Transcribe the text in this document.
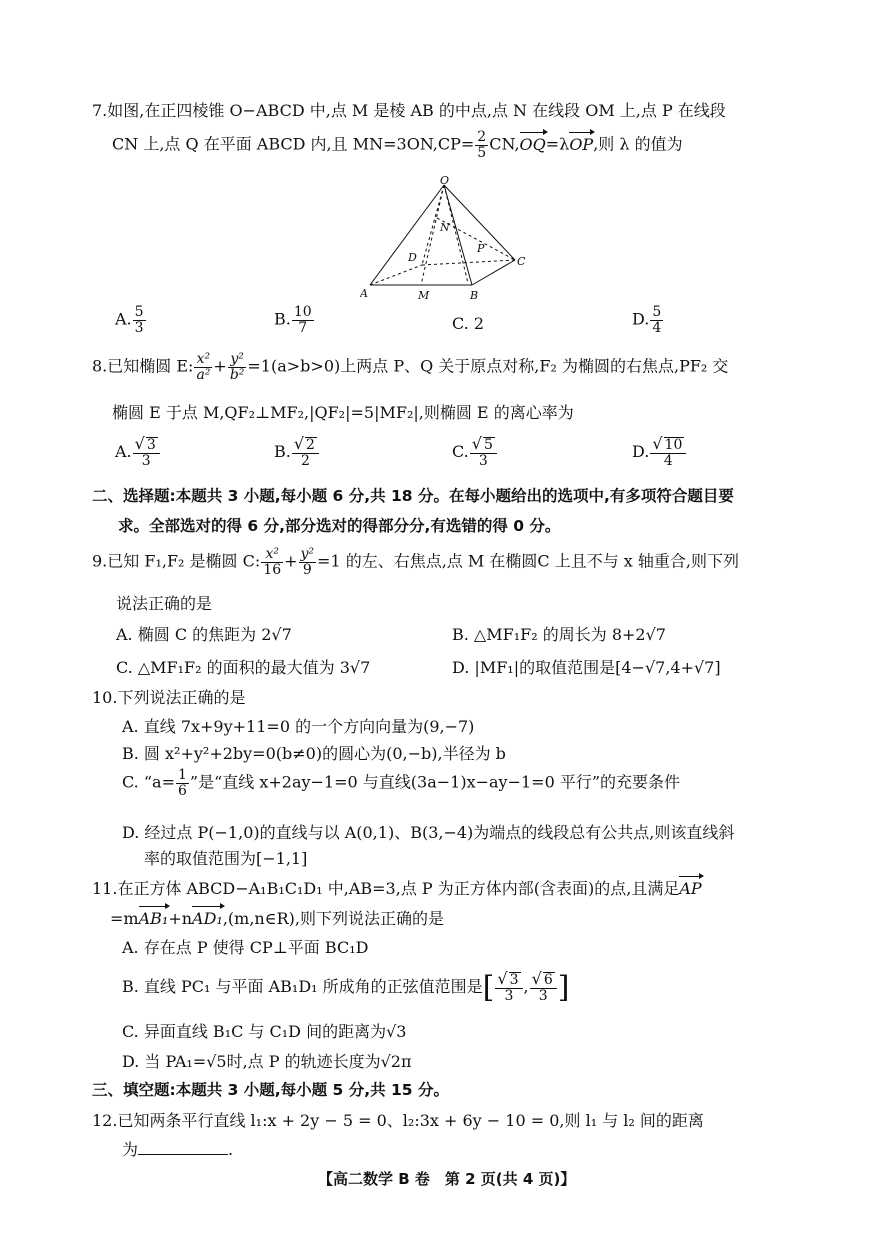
7.如图,在正四棱锥 O−ABCD 中,点 M 是棱 AB 的中点,点 N 在线段 OM 上,点 P 在线段
CN 上,点 Q 在平面 ABCD 内,且 $MN=3ON,CP= \frac{2}{5} CN,OQ=\lambda OP$,则 λ 的值为
O
A	M	B
C
D
N
P
A. $\frac{5}{3}$	B. $\frac{10}{7}$	C. 2	D. $\frac{5}{4}$
8.已知椭圆 E: $\frac{\text{x²}}{\text{a²}} + \frac{\text{y²}}{\text{b²}} =1(a>b>0)$上两点 P、Q 关于原点对称,F₂ 为椭圆的右焦点,PF₂ 交
椭圆 E 于点 M,QF₂⊥MF₂,|QF₂|=5|MF₂|,则椭圆 E 的离心率为
A. $\frac{√ 3}{3}$	B. $\frac{√ 2}{2}$	C. $\frac{√ 5}{3}$	D. $\frac{√ 10}{4}$
二、选择题:本题共 3 小题,每小题 6 分,共 18 分。在每小题给出的选项中,有多项符合题目要
求。全部选对的得 6 分,部分选对的得部分分,有选错的得 0 分。
9.已知 F₁,F₂ 是椭圆 C: $\frac{\text{x²}}{16} + \frac{\text{y²}}{9} =1$ 的左、右焦点,点 M 在椭圆C 上且不与 x 轴重合,则下列
说法正确的是
A. 椭圆 C 的焦距为 2√7	B. △MF₁F₂ 的周长为 8+2√7
C. △MF₁F₂ 的面积的最大值为 3√7	D. |MF₁|的取值范围是[4−√7,4+√7]
10.下列说法正确的是
A. 直线 7x+9y+11=0 的一个方向向量为(9,−7)
B. 圆 x²+y²+2by=0(b≠0)的圆心为(0,−b),半径为 b
C. “$a= \frac{1}{6}$ ”是“直线 x+2ay−1=0 与直线(3a−1)x−ay−1=0 平行”的充要条件
D. 经过点 P(−1,0)的直线与以 A(0,1)、B(3,−4)为端点的线段总有公共点,则该直线斜
率的取值范围为[−1,1]
11.在正方体 ABCD−A₁B₁C₁D₁ 中,AB=3,点 P 为正方体内部(含表面)的点,且满足AP
=mAB₁+nAD₁,(m,n∈R),则下列说法正确的是
A. 存在点 P 使得 CP⊥平面 BC₁D
B. 直线 PC₁ 与平面 AB₁D₁ 所成角的正弦值范围是[ $\frac{√ 3}{3}$ , $\frac{√ 6}{3}$ ]
C. 异面直线 B₁C 与 C₁D 间的距离为√3
D. 当 PA₁=√5时,点 P 的轨迹长度为√2π
三、填空题:本题共 3 小题,每小题 5 分,共 15 分。
12.已知两条平行直线 l₁:x + 2y − 5 = 0、l₂:3x + 6y − 10 = 0,则 l₁ 与 l₂ 间的距离
为	.
【高二数学 B 卷　第 2 页(共 4 页)】
